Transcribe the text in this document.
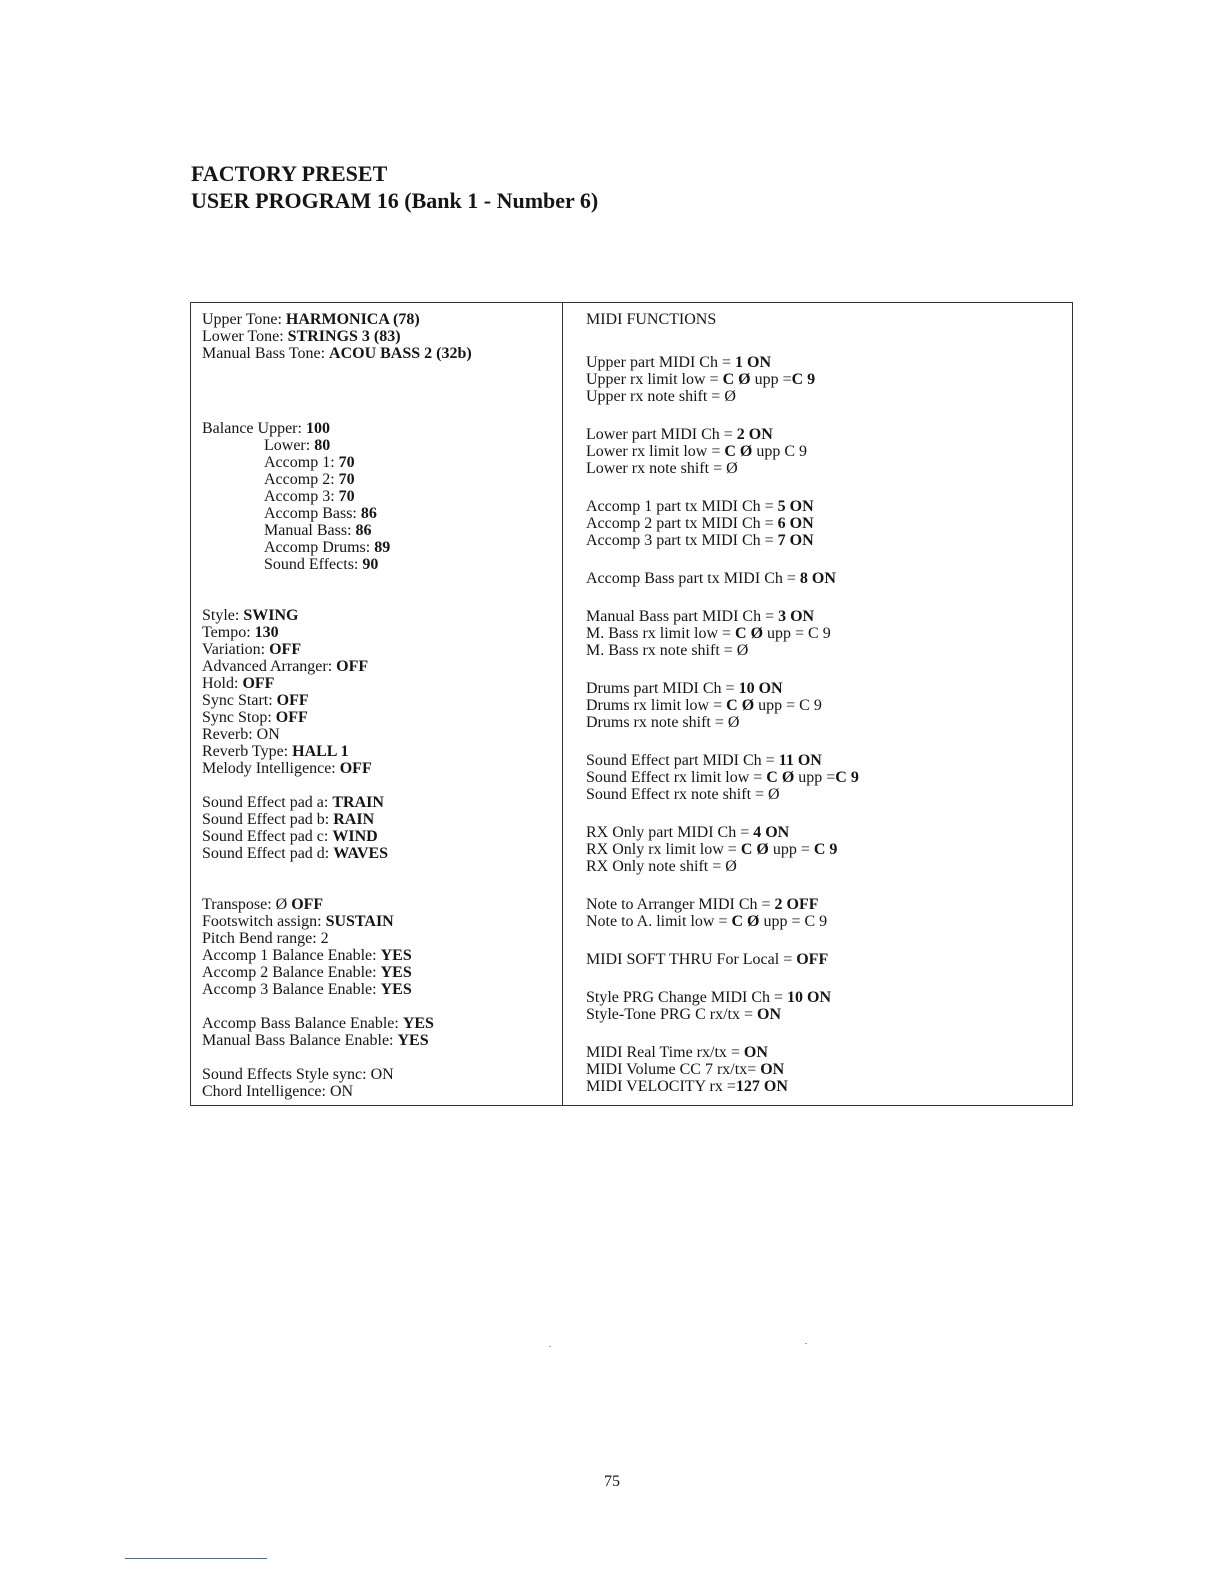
FACTORY PRESET
USER PROGRAM 16 (Bank 1 - Number 6)
Upper Tone: HARMONICA (78)
Lower Tone: STRINGS 3 (83)
Manual Bass Tone: ACOU BASS 2 (32b)
Balance Upper: 100
Lower: 80
Accomp 1: 70
Accomp 2: 70
Accomp 3: 70
Accomp Bass: 86
Manual Bass: 86
Accomp Drums: 89
Sound Effects: 90
Style: SWING
Tempo: 130
Variation: OFF
Advanced Arranger: OFF
Hold: OFF
Sync Start: OFF
Sync Stop: OFF
Reverb: ON
Reverb Type: HALL 1
Melody Intelligence: OFF
Sound Effect pad a: TRAIN
Sound Effect pad b: RAIN
Sound Effect pad c: WIND
Sound Effect pad d: WAVES
Transpose: Ø OFF
Footswitch assign: SUSTAIN
Pitch Bend range: 2
Accomp 1 Balance Enable: YES
Accomp 2 Balance Enable: YES
Accomp 3 Balance Enable: YES
Accomp Bass Balance Enable: YES
Manual Bass Balance Enable: YES
Sound Effects Style sync: ON
Chord Intelligence: ON
MIDI FUNCTIONS
Upper part MIDI Ch = 1 ON
Upper rx limit low = C Ø upp =C 9
Upper rx note shift = Ø
Lower part MIDI Ch = 2 ON
Lower rx limit low = C Ø upp C 9
Lower rx note shift = Ø
Accomp 1 part tx MIDI Ch = 5 ON
Accomp 2 part tx MIDI Ch = 6 ON
Accomp 3 part tx MIDI Ch = 7 ON
Accomp Bass part tx MIDI Ch = 8 ON
Manual Bass part MIDI Ch = 3 ON
M. Bass rx limit low = C Ø upp = C 9
M. Bass rx note shift = Ø
Drums part MIDI Ch = 10 ON
Drums rx limit low = C Ø upp = C 9
Drums rx note shift = Ø
Sound Effect part MIDI Ch = 11 ON
Sound Effect rx limit low = C Ø upp =C 9
Sound Effect rx note shift = Ø
RX Only part MIDI Ch = 4 ON
RX Only rx limit low = C Ø upp = C 9
RX Only note shift = Ø
Note to Arranger MIDI Ch = 2 OFF
Note to A. limit low = C Ø upp = C 9
MIDI SOFT THRU For Local = OFF
Style PRG Change MIDI Ch = 10 ON
Style-Tone PRG C rx/tx = ON
MIDI Real Time rx/tx = ON
MIDI Volume CC 7 rx/tx= ON
MIDI VELOCITY rx =127 ON
75
